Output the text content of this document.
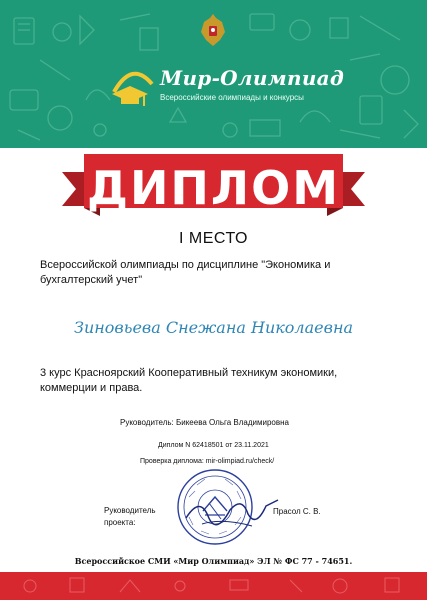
Мир-Олимпиад
Всероссийские олимпиады и конкурсы
ДИПЛОМ
I МЕСТО
Всероссийской олимпиады по дисциплине "Экономика и бухгалтерский учет"
Зиновьева Снежана Николаевна
3 курс Красноярский Кооперативный техникум экономики, коммерции и права.
Руководитель: Бикеева Ольга Владимировна
Диплом N 62418501 от 23.11.2021
Проверка диплома: mir-olimpiad.ru/check/
Руководитель проекта:
Прасол С. В.
Всероссийское СМИ «Мир Олимпиад» ЭЛ № ФС 77 - 74651.
